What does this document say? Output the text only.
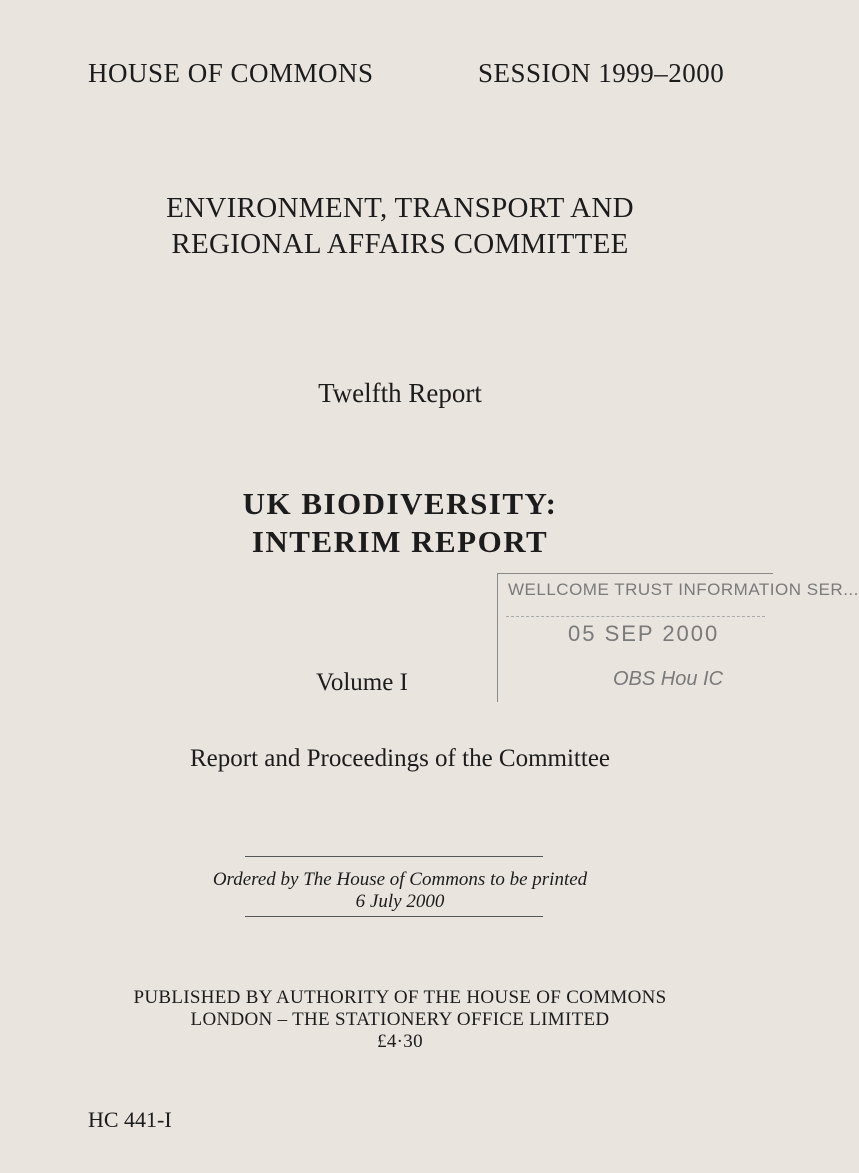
HOUSE OF COMMONS	SESSION 1999–2000
ENVIRONMENT, TRANSPORT AND
REGIONAL AFFAIRS COMMITTEE
Twelfth Report
UK BIODIVERSITY:
INTERIM REPORT
Volume I
WELLCOME TRUST INFORMATION SER...
05 SEP 2000
OBS Hou IC
Report and Proceedings of the Committee
Ordered by The House of Commons to be printed
6 July 2000
PUBLISHED BY AUTHORITY OF THE HOUSE OF COMMONS
LONDON – THE STATIONERY OFFICE LIMITED
£4·30
HC 441-I
